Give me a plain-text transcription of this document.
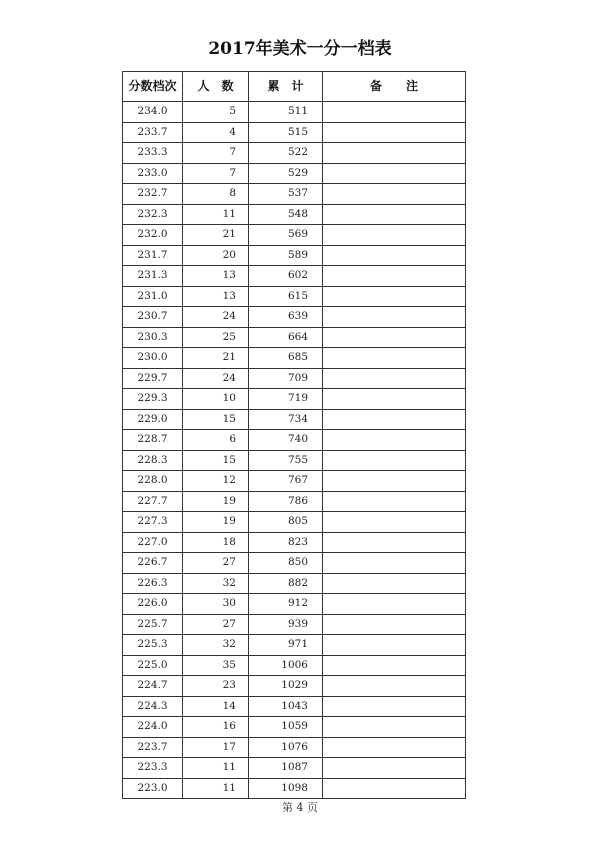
2017年美术一分一档表
分数档次	人　数	累　计	备　　注
234.0	5	511	
233.7	4	515	
233.3	7	522	
233.0	7	529	
232.7	8	537	
232.3	11	548	
232.0	21	569	
231.7	20	589	
231.3	13	602	
231.0	13	615	
230.7	24	639	
230.3	25	664	
230.0	21	685	
229.7	24	709	
229.3	10	719	
229.0	15	734	
228.7	6	740	
228.3	15	755	
228.0	12	767	
227.7	19	786	
227.3	19	805	
227.0	18	823	
226.7	27	850	
226.3	32	882	
226.0	30	912	
225.7	27	939	
225.3	32	971	
225.0	35	1006	
224.7	23	1029	
224.3	14	1043	
224.0	16	1059	
223.7	17	1076	
223.3	11	1087	
223.0	11	1098	
第 4 页
